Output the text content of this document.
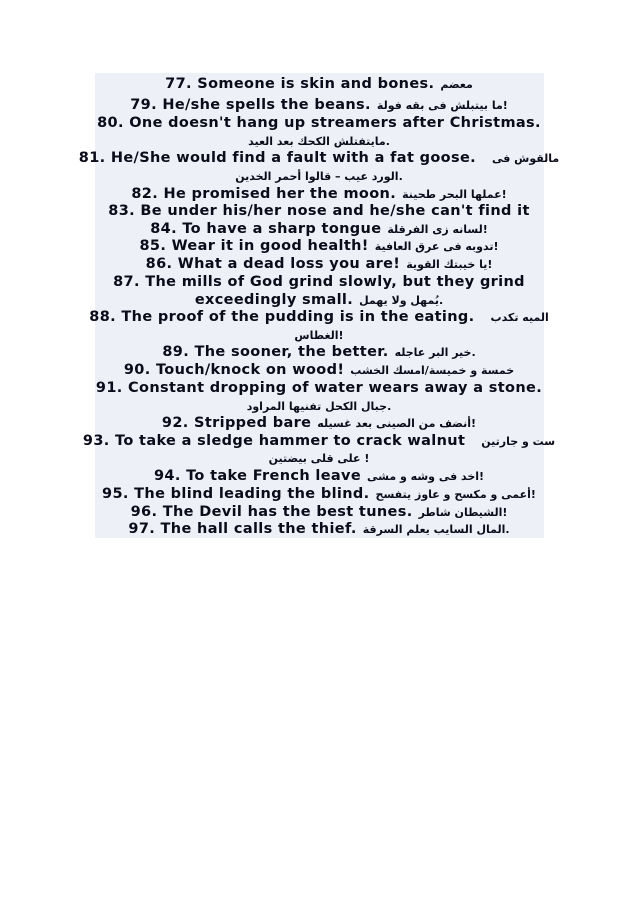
77. Someone is skin and bones. معضم
79. He/she spells the beans. !ما بيتبلش فى بقه فولة
80. One doesn't hang up streamers after Christmas.
.مايتفتلش الكحك بعد العيد
81. He/She would find a fault with a fat goose. مالقوش فى
.الورد عيب – قالوا أحمر الخدين
82. He promised her the moon. !عملها البحر طحينة
83. Be under his/her nose and he/she can't find it
84. To have a sharp tongue !لسانه زى الفرقلة
85. Wear it in good health! !تدوبه فى عرق العافية
86. What a dead loss you are! !يا خيبتك القوية
87. The mills of God grind slowly, but they grind
exceedingly small. .يُمهل ولا يهمل
88. The proof of the pudding is in the eating. الميه تكدب
!الغطاس
89. The sooner, the better. .خير البر عاجله
90. Touch/knock on wood! خمسة و خميسة/امسك الخشب
91. Constant dropping of water wears away a stone.
.جبال الكحل تفنيها المراود
92. Stripped bare !أنضف من الصينى بعد غسيله
93. To take a sledge hammer to crack walnut ست و جارتين
! على قلى بيضتين
94. To take French leave !اخد فى وشه و مشى
95. The blind leading the blind. !أعمى و مكسح و عاوز يتفسح
96. The Devil has the best tunes. !الشيطان شاطر
97. The hall calls the thief. .المال السايب يعلم السرقة
